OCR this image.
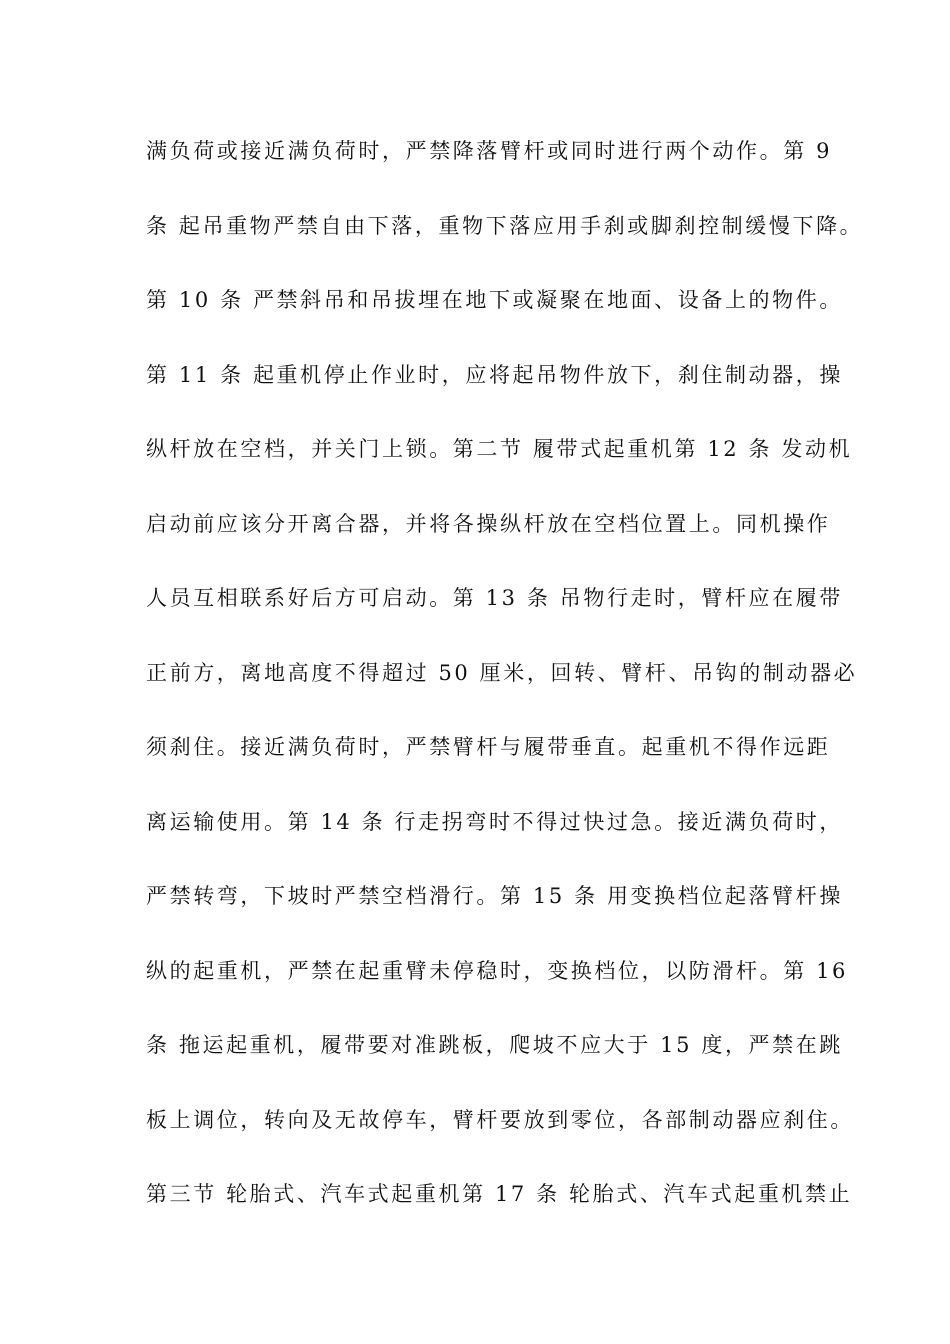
满负荷或接近满负荷时，严禁降落臂杆或同时进行两个动作。第 9
条 起吊重物严禁自由下落，重物下落应用手刹或脚刹控制缓慢下降。
第 10 条 严禁斜吊和吊拔埋在地下或凝聚在地面、设备上的物件。
第 11 条 起重机停止作业时，应将起吊物件放下，刹住制动器，操
纵杆放在空档，并关门上锁。第二节 履带式起重机第 12 条 发动机
启动前应该分开离合器，并将各操纵杆放在空档位置上。同机操作
人员互相联系好后方可启动。第 13 条 吊物行走时，臂杆应在履带
正前方，离地高度不得超过 50 厘米，回转、臂杆、吊钩的制动器必
须刹住。接近满负荷时，严禁臂杆与履带垂直。起重机不得作远距
离运输使用。第 14 条 行走拐弯时不得过快过急。接近满负荷时，
严禁转弯，下坡时严禁空档滑行。第 15 条 用变换档位起落臂杆操
纵的起重机，严禁在起重臂未停稳时，变换档位，以防滑杆。第 16
条 拖运起重机，履带要对准跳板，爬坡不应大于 15 度，严禁在跳
板上调位，转向及无故停车，臂杆要放到零位，各部制动器应刹住。
第三节 轮胎式、汽车式起重机第 17 条 轮胎式、汽车式起重机禁止
